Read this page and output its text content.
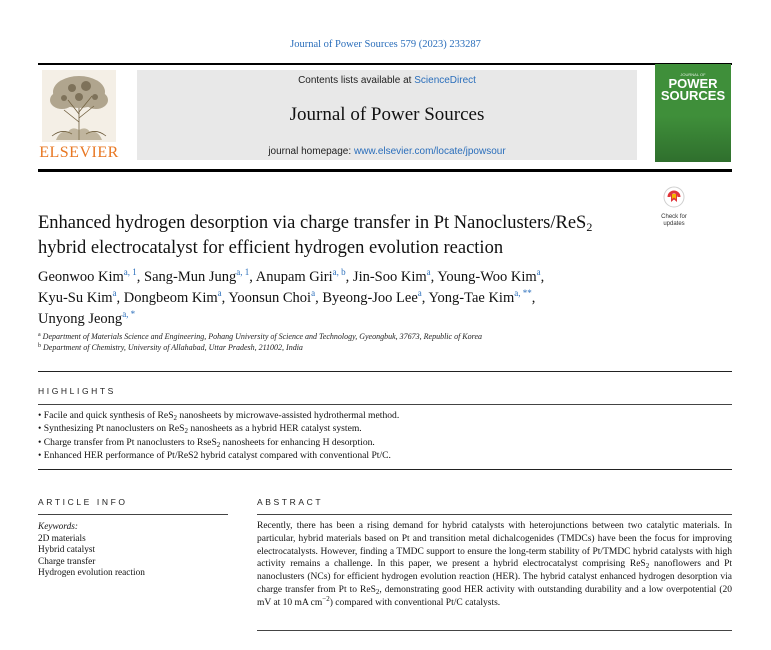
Journal of Power Sources 579 (2023) 233287
ELSEVIER
Contents lists available at ScienceDirect
Journal of Power Sources
journal homepage: www.elsevier.com/locate/jpowsour
JOURNAL OF
POWER
SOURCES
Check for
updates
Enhanced hydrogen desorption via charge transfer in Pt Nanoclusters/ReS$_2$
hybrid electrocatalyst for efficient hydrogen evolution reaction
Geonwoo Kim$^{a, 1}$, Sang-Mun Jung$^{a, 1}$, Anupam Giri$^{a, b}$, Jin-Soo Kim$^a$, Young-Woo Kim$^a$,
Kyu-Su Kim$^a$, Dongbeom Kim$^a$, Yoonsun Choi$^a$, Byeong-Joo Lee$^a$, Yong-Tae Kim$^{a, **}$,
Unyong Jeong$^{a, *}$
$^a$ Department of Materials Science and Engineering, Pohang University of Science and Technology, Gyeongbuk, 37673, Republic of Korea
$^b$ Department of Chemistry, University of Allahabad, Uttar Pradesh, 211002, India
HIGHLIGHTS
• Facile and quick synthesis of ReS$_2$ nanosheets by microwave-assisted hydrothermal method.
• Synthesizing Pt nanoclusters on ReS$_2$ nanosheets as a hybrid HER catalyst system.
• Charge transfer from Pt nanoclusters to RseS$_2$ nanosheets for enhancing H desorption.
• Enhanced HER performance of Pt/ReS2 hybrid catalyst compared with conventional Pt/C.
ARTICLE INFO	ABSTRACT
Keywords:
2D materials
Hybrid catalyst
Charge transfer
Hydrogen evolution reaction
Recently, there has been a rising demand for hybrid catalysts with heterojunctions between two catalytic materials. In particular, hybrid materials based on Pt and transition metal dichalcogenides (TMDCs) have been the focus for improving electrocatalysts. However, finding a TMDC support to ensure the long-term stability of Pt/TMDC hybrid catalysts with high activity remains a challenge. In this paper, we present a hybrid electrocatalyst comprising ReS$_2$ nanoflowers and Pt nanoclusters (NCs) for efficient hydrogen evolution reaction (HER). The hybrid catalyst enhanced hydrogen desorption via charge transfer from Pt to ReS$_2$, demonstrating good HER activity with outstanding durability and a low overpotential (20 mV at 10 mA $cm^{-2}$) compared with conventional Pt/C catalysts.
